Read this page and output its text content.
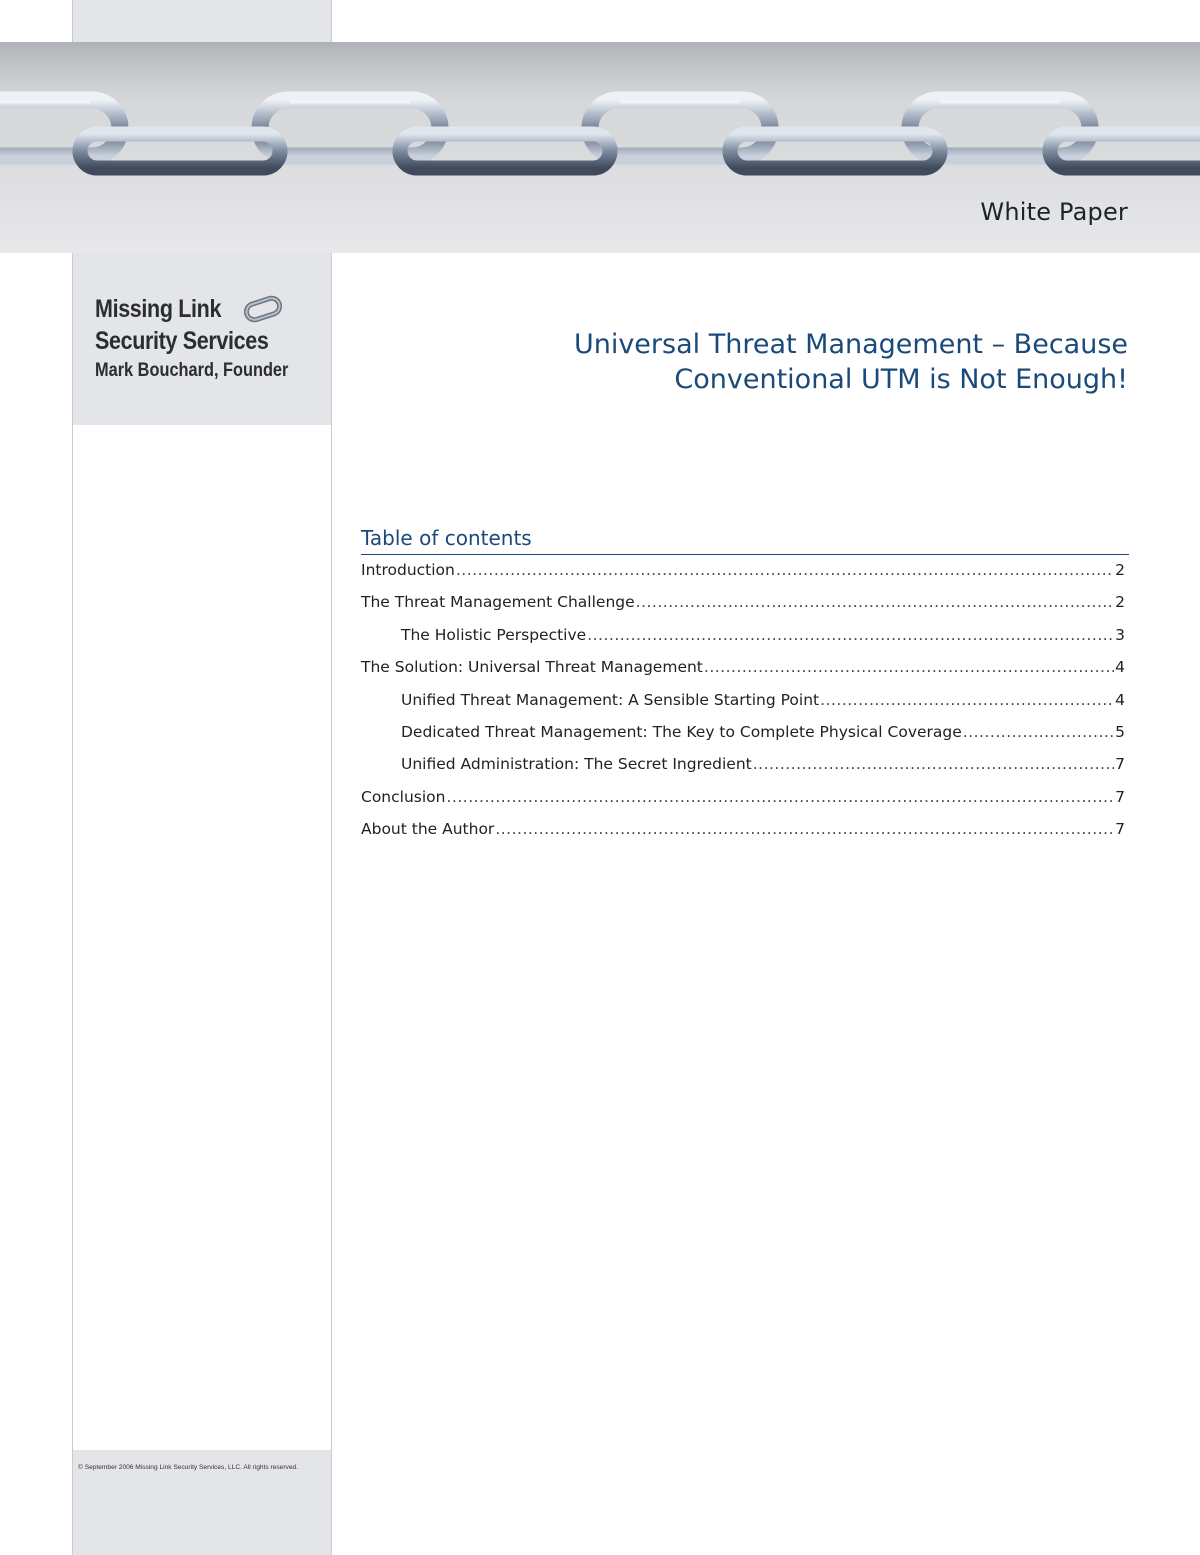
White Paper
Missing Link
Security Services
Mark Bouchard, Founder
Universal Threat Management – Because
Conventional UTM is Not Enough!
Table of contents
Introduction .....	2
The Threat Management Challenge .....	2
The Holistic Perspective .....	3
The Solution: Universal Threat Management .....	4
Unified Threat Management: A Sensible Starting Point .....	4
Dedicated Threat Management: The Key to Complete Physical Coverage .....	5
Unified Administration: The Secret Ingredient .....	7
Conclusion .....	7
About the Author .....	7
© September 2006 Missing Link Security Services, LLC. All rights reserved.
